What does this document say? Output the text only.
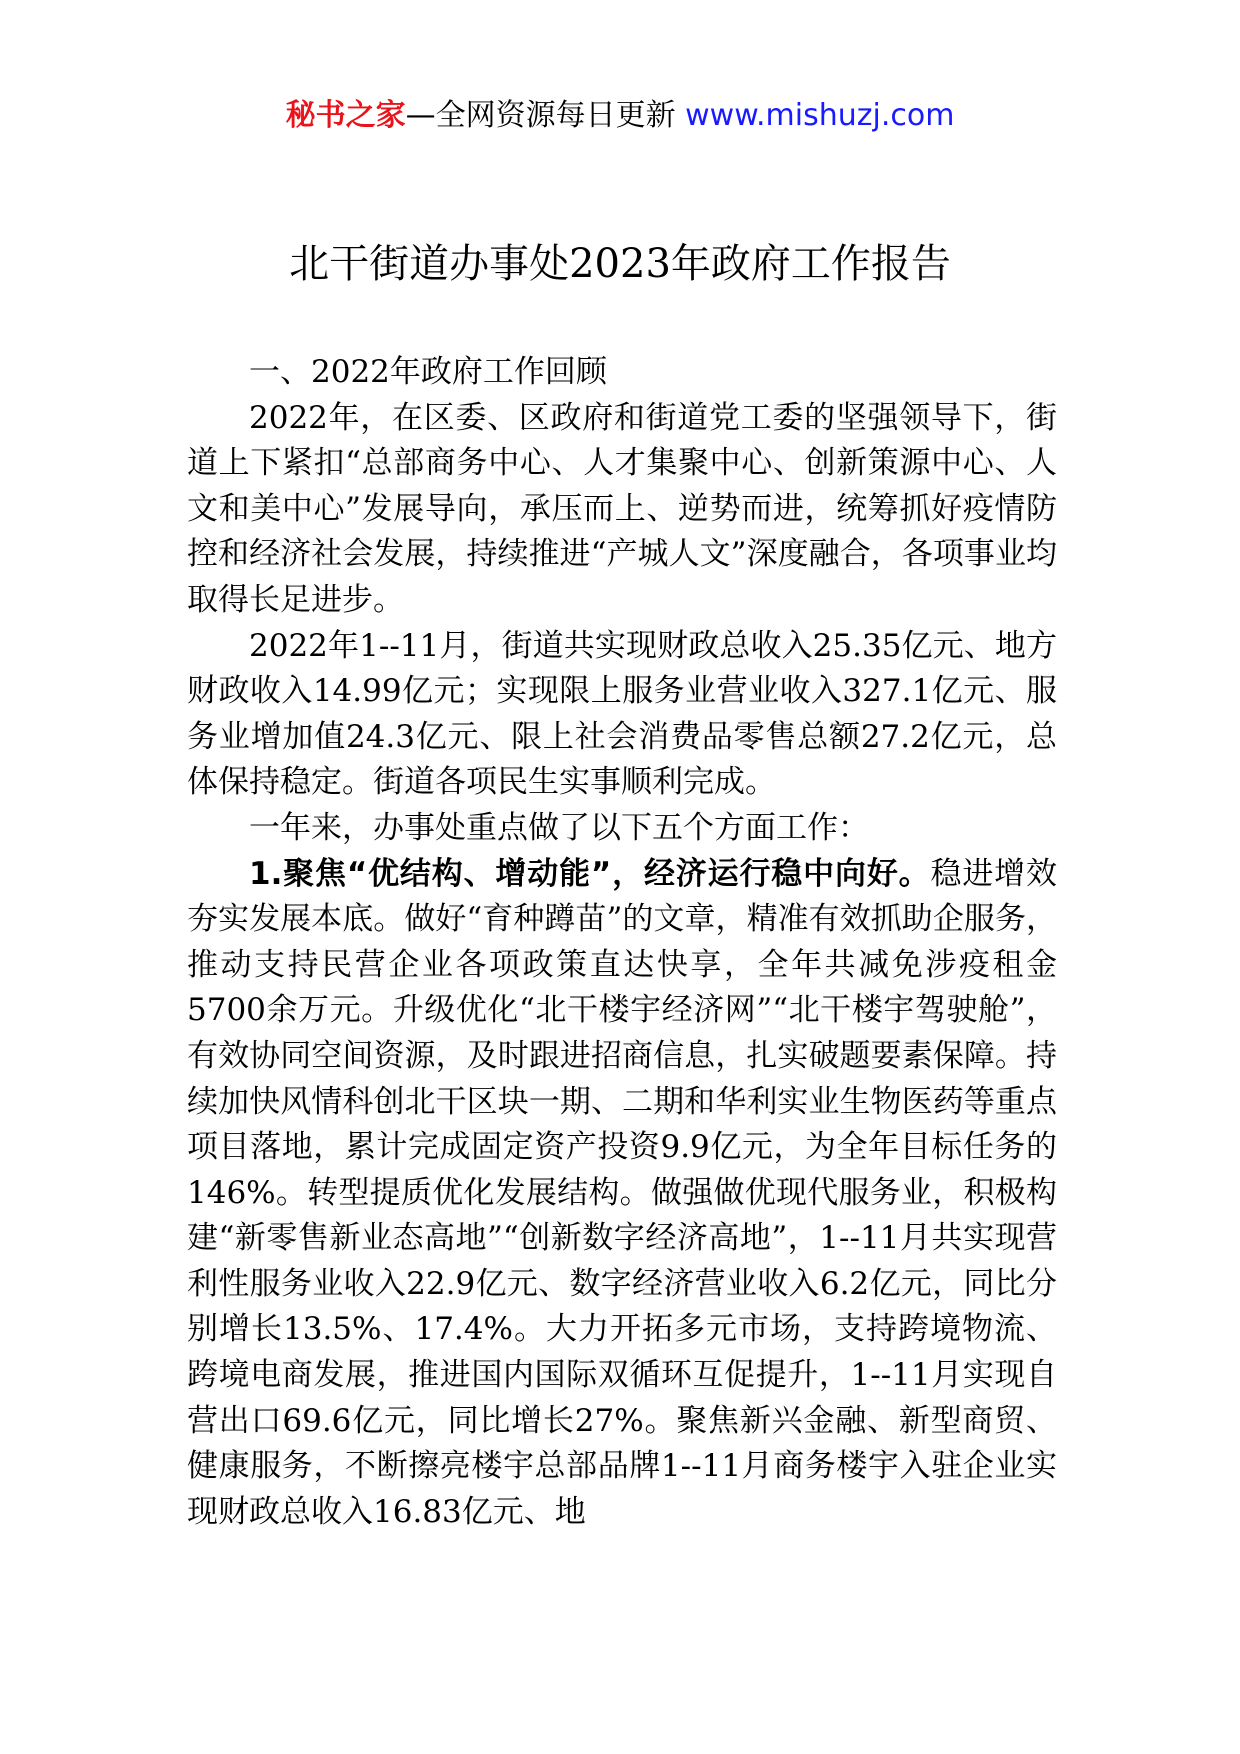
秘书之家—全网资源每日更新 www.mishuzj.com
北干街道办事处2023年政府工作报告

一、2022年政府工作回顾

2022年，在区委、区政府和街道党工委的坚强领导下，街道上下紧扣“总部商务中心、人才集聚中心、创新策源中心、人文和美中心”发展导向，承压而上、逆势而进，统筹抓好疫情防控和经济社会发展，持续推进“产城人文”深度融合，各项事业均取得长足进步。

2022年1--11月，街道共实现财政总收入25.35亿元、地方财政收入14.99亿元；实现限上服务业营业收入327.1亿元、服务业增加值24.3亿元、限上社会消费品零售总额27.2亿元，总体保持稳定。街道各项民生实事顺利完成。

一年来，办事处重点做了以下五个方面工作：

1.聚焦“优结构、增动能”，经济运行稳中向好。稳进增效夯实发展本底。做好“育种蹲苗”的文章，精准有效抓助企服务，推动支持民营企业各项政策直达快享，全年共减免涉疫租金5700余万元。升级优化“北干楼宇经济网”“北干楼宇驾驶舱”，有效协同空间资源，及时跟进招商信息，扎实破题要素保障。持续加快风情科创北干区块一期、二期和华利实业生物医药等重点项目落地，累计完成固定资产投资9.9亿元，为全年目标任务的146%。转型提质优化发展结构。做强做优现代服务业，积极构建“新零售新业态高地”“创新数字经济高地”，1--11月共实现营利性服务业收入22.9亿元、数字经济营业收入6.2亿元，同比分别增长13.5%、17.4%。大力开拓多元市场，支持跨境物流、跨境电商发展，推进国内国际双循环互促提升，1--11月实现自营出口69.6亿元，同比增长27%。聚焦新兴金融、新型商贸、健康服务，不断擦亮楼宇总部品牌1--11月商务楼宇入驻企业实现财政总收入16.83亿元、地
